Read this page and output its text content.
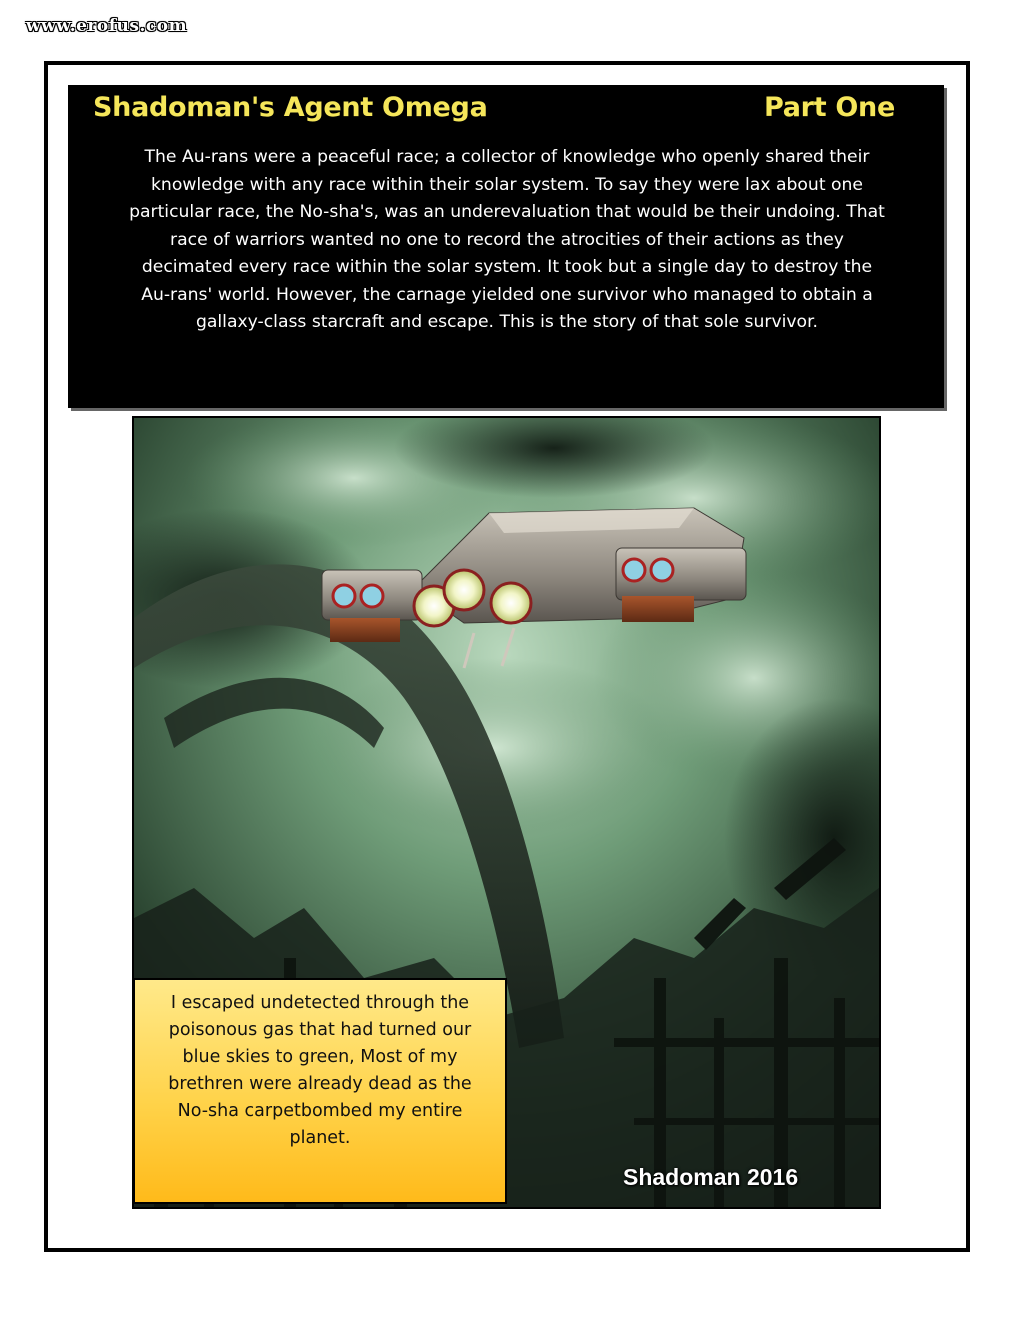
www.erofus.com
Shadoman's Agent Omega	Part One
The Au-rans were a peaceful race; a collector of knowledge who openly shared their
knowledge with any race within their solar system. To say they were lax about one
particular race, the No-sha's, was an underevaluation that would be their undoing. That
race of warriors wanted no one to record the atrocities of their actions as they
decimated every race within the solar system. It took but a single day to destroy the
Au-rans' world. However, the carnage yielded one survivor who managed to obtain a
gallaxy-class starcraft and escape. This is the story of that sole survivor.
I escaped undetected through the
poisonous gas that had turned our
blue skies to green, Most of my
brethren were already dead as the
No-sha carpetbombed my entire
planet.
Shadoman 2016
